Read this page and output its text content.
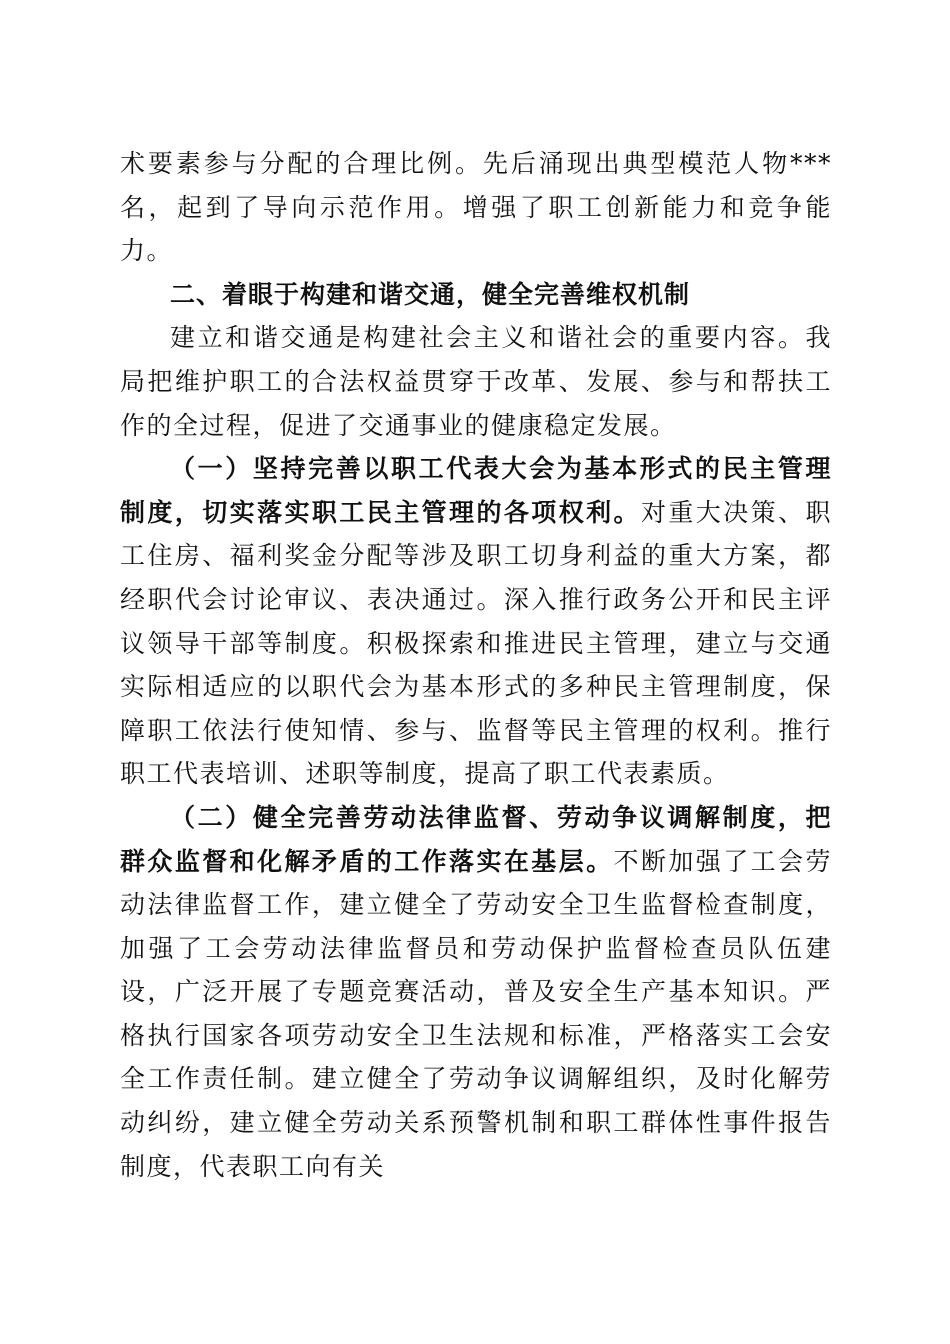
术要素参与分配的合理比例。先后涌现出典型模范人物***名，起到了导向示范作用。增强了职工创新能力和竞争能力。

二、着眼于构建和谐交通，健全完善维权机制

建立和谐交通是构建社会主义和谐社会的重要内容。我局把维护职工的合法权益贯穿于改革、发展、参与和帮扶工作的全过程，促进了交通事业的健康稳定发展。

（一）坚持完善以职工代表大会为基本形式的民主管理制度，切实落实职工民主管理的各项权利。对重大决策、职工住房、福利奖金分配等涉及职工切身利益的重大方案，都经职代会讨论审议、表决通过。深入推行政务公开和民主评议领导干部等制度。积极探索和推进民主管理，建立与交通实际相适应的以职代会为基本形式的多种民主管理制度，保障职工依法行使知情、参与、监督等民主管理的权利。推行职工代表培训、述职等制度，提高了职工代表素质。

（二）健全完善劳动法律监督、劳动争议调解制度，把群众监督和化解矛盾的工作落实在基层。不断加强了工会劳动法律监督工作，建立健全了劳动安全卫生监督检查制度，加强了工会劳动法律监督员和劳动保护监督检查员队伍建设，广泛开展了专题竞赛活动，普及安全生产基本知识。严格执行国家各项劳动安全卫生法规和标准，严格落实工会安全工作责任制。建立健全了劳动争议调解组织，及时化解劳动纠纷，建立健全劳动关系预警机制和职工群体性事件报告制度，代表职工向有关
